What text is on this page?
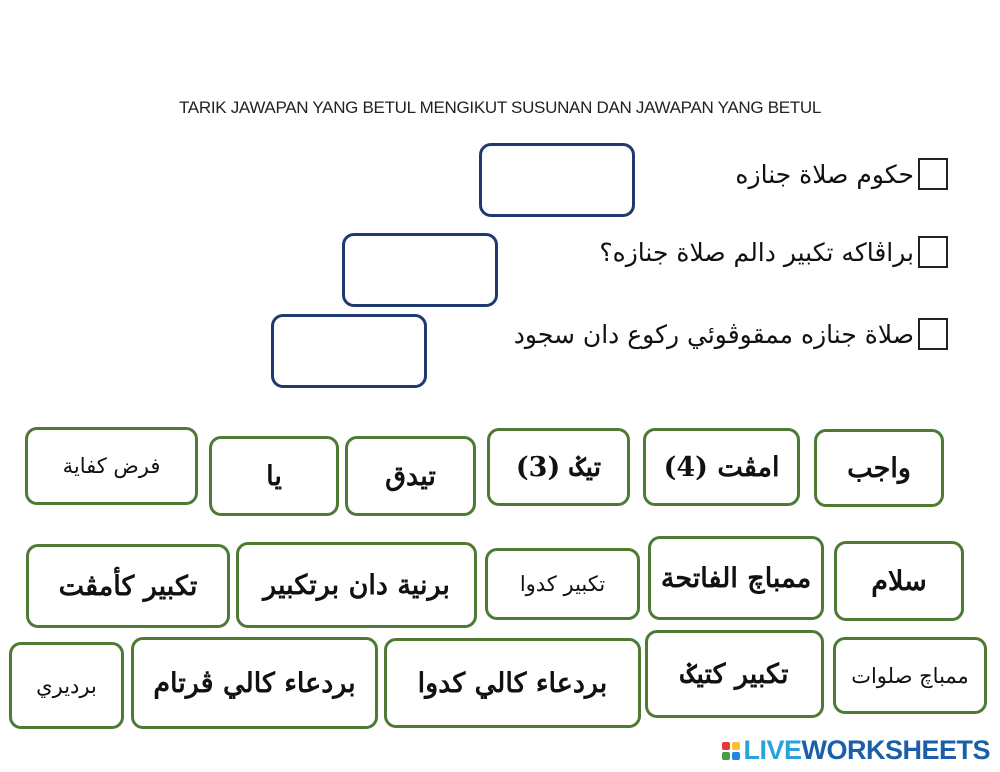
TARIK JAWAPAN YANG BETUL MENGIKUT SUSUNAN DAN JAWAPAN YANG BETUL
حكوم صلاة جنازه
براڤاكه تكبير دالم صلاة جنازه؟
صلاة جنازه ممقوڤوئي ركوع دان سجود
واجب
امڤت (4)
تيݢ (3)
تيدق
يا
فرض كفاية
سلام
ممباچ الفاتحة
تكبير كدوا
برنية دان برتكبير
تكبير كأمڤت
ممباچ صلوات
تكبير كتيݢ
بردعاء كالي كدوا
بردعاء كالي ڤرتام
برديري
LIVE WORKSHEETS
